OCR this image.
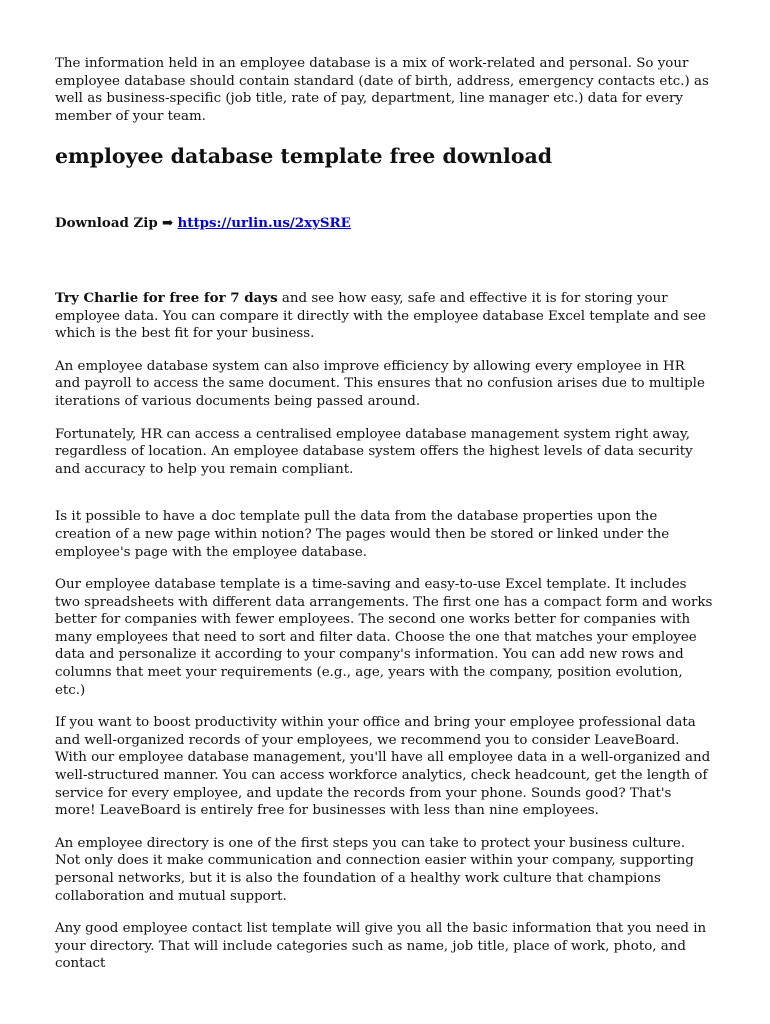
The information held in an employee database is a mix of work-related and personal. So your employee database should contain standard (date of birth, address, emergency contacts etc.) as well as business-specific (job title, rate of pay, department, line manager etc.) data for every member of your team.

employee database template free download
Download Zip ➡ https://urlin.us/2xySRE

Try Charlie for free for 7 days and see how easy, safe and effective it is for storing your employee data. You can compare it directly with the employee database Excel template and see which is the best fit for your business.

An employee database system can also improve efficiency by allowing every employee in HR and payroll to access the same document. This ensures that no confusion arises due to multiple iterations of various documents being passed around.

Fortunately, HR can access a centralised employee database management system right away, regardless of location. An employee database system offers the highest levels of data security and accuracy to help you remain compliant.

Is it possible to have a doc template pull the data from the database properties upon the creation of a new page within notion? The pages would then be stored or linked under the employee's page with the employee database.

Our employee database template is a time-saving and easy-to-use Excel template. It includes two spreadsheets with different data arrangements. The first one has a compact form and works better for companies with fewer employees. The second one works better for companies with many employees that need to sort and filter data. Choose the one that matches your employee data and personalize it according to your company's information. You can add new rows and columns that meet your requirements (e.g., age, years with the company, position evolution, etc.)

If you want to boost productivity within your office and bring your employee professional data and well-organized records of your employees, we recommend you to consider LeaveBoard. With our employee database management, you'll have all employee data in a well-organized and well-structured manner. You can access workforce analytics, check headcount, get the length of service for every employee, and update the records from your phone. Sounds good? That's more! LeaveBoard is entirely free for businesses with less than nine employees.

An employee directory is one of the first steps you can take to protect your business culture. Not only does it make communication and connection easier within your company, supporting personal networks, but it is also the foundation of a healthy work culture that champions collaboration and mutual support.

Any good employee contact list template will give you all the basic information that you need in your directory. That will include categories such as name, job title, place of work, photo, and contact
